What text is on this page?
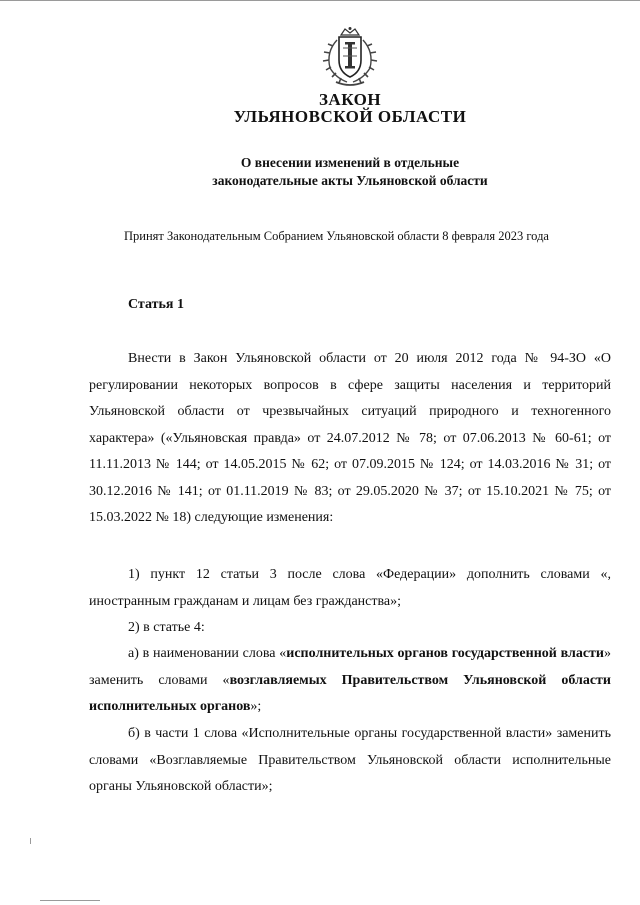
ЗАКОН
УЛЬЯНОВСКОЙ ОБЛАСТИ
О внесении изменений в отдельные
законодательные акты Ульяновской области
Принят Законодательным Собранием Ульяновской области 8 февраля 2023 года
Статья 1
Внести в Закон Ульяновской области от 20 июля 2012 года № 94-ЗО «О регулировании некоторых вопросов в сфере защиты населения и территорий Ульяновской области от чрезвычайных ситуаций природного и техногенного характера» («Ульяновская правда» от 24.07.2012 № 78; от 07.06.2013 № 60-61; от 11.11.2013 № 144; от 14.05.2015 № 62; от 07.09.2015 № 124; от 14.03.2016 № 31; от 30.12.2016 № 141; от 01.11.2019 № 83; от 29.05.2020 № 37; от 15.10.2021 № 75; от 15.03.2022 № 18) следующие изменения:
1) пункт 12 статьи 3 после слова «Федерации» дополнить словами «, иностранным гражданам и лицам без гражданства»;
2) в статье 4:
а) в наименовании слова «исполнительных органов государственной власти» заменить словами «возглавляемых Правительством Ульяновской области исполнительных органов»;
б) в части 1 слова «Исполнительные органы государственной власти» заменить словами «Возглавляемые Правительством Ульяновской области исполнительные органы Ульяновской области»;
